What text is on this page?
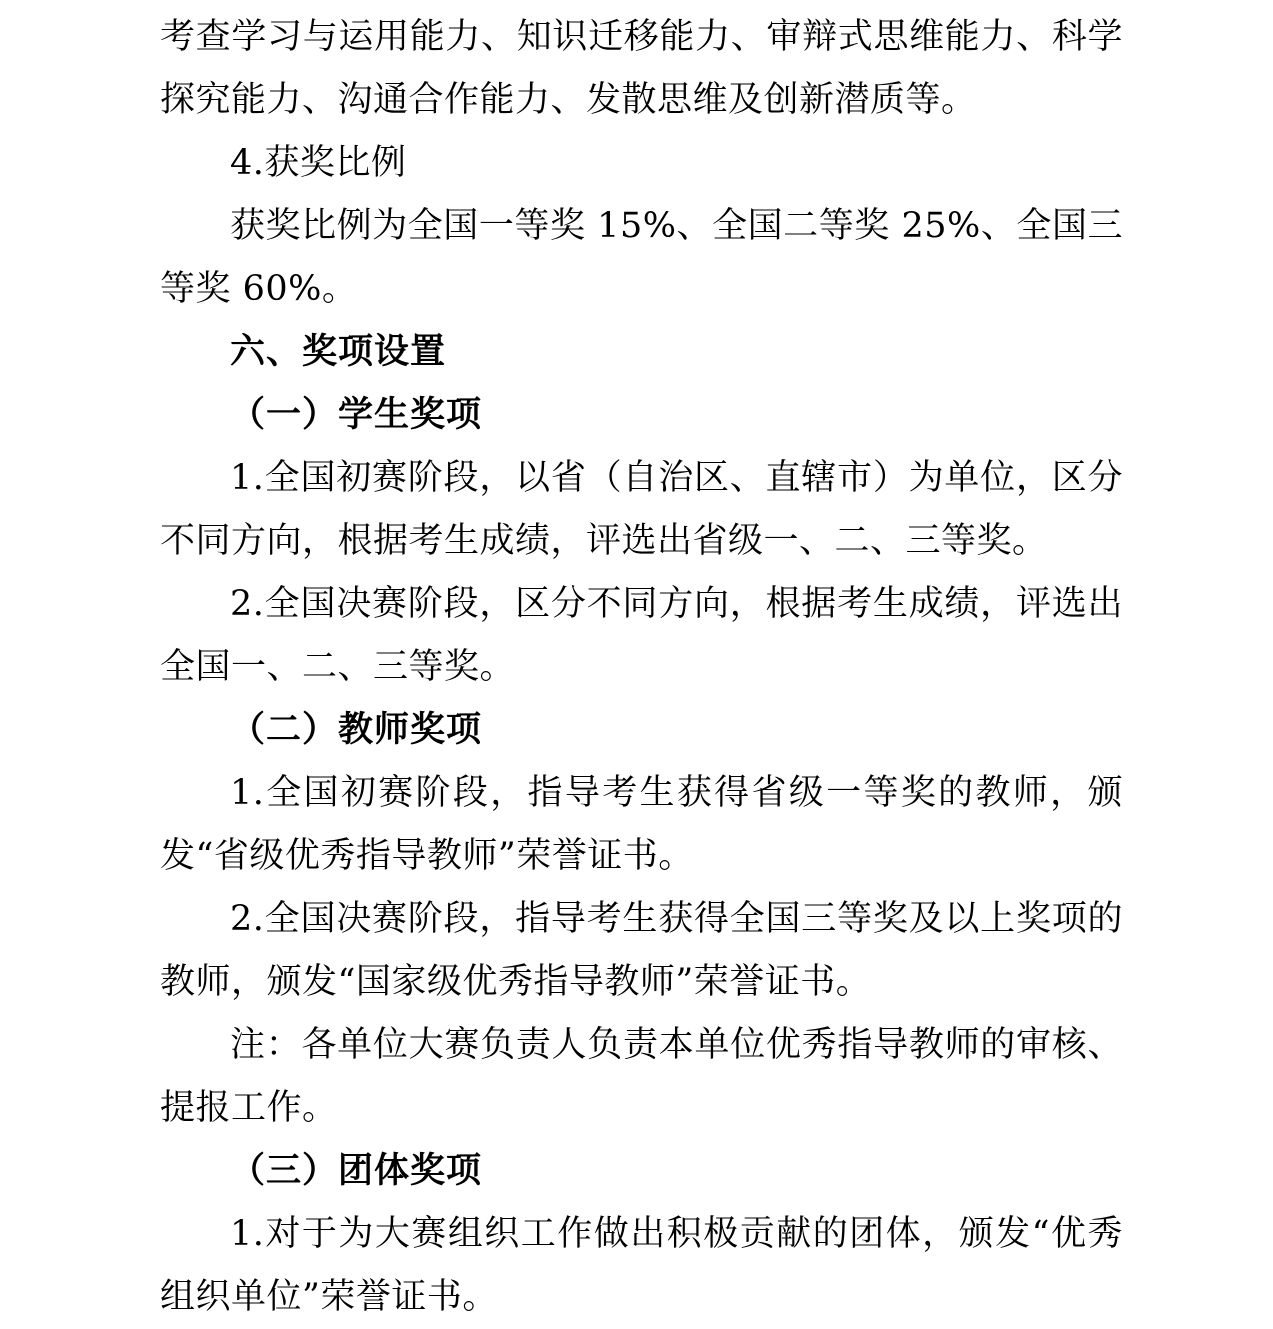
考查学习与运用能力、知识迁移能力、审辩式思维能力、科学探究能力、沟通合作能力、发散思维及创新潜质等。

4.获奖比例

获奖比例为全国一等奖 15%、全国二等奖 25%、全国三等奖 60%。

六、奖项设置

（一）学生奖项

1.全国初赛阶段，以省（自治区、直辖市）为单位，区分不同方向，根据考生成绩，评选出省级一、二、三等奖。

2.全国决赛阶段，区分不同方向，根据考生成绩，评选出全国一、二、三等奖。

（二）教师奖项

1.全国初赛阶段，指导考生获得省级一等奖的教师，颁发“省级优秀指导教师”荣誉证书。

2.全国决赛阶段，指导考生获得全国三等奖及以上奖项的教师，颁发“国家级优秀指导教师”荣誉证书。

注：各单位大赛负责人负责本单位优秀指导教师的审核、提报工作。

（三）团体奖项

1.对于为大赛组织工作做出积极贡献的团体，颁发“优秀组织单位”荣誉证书。
